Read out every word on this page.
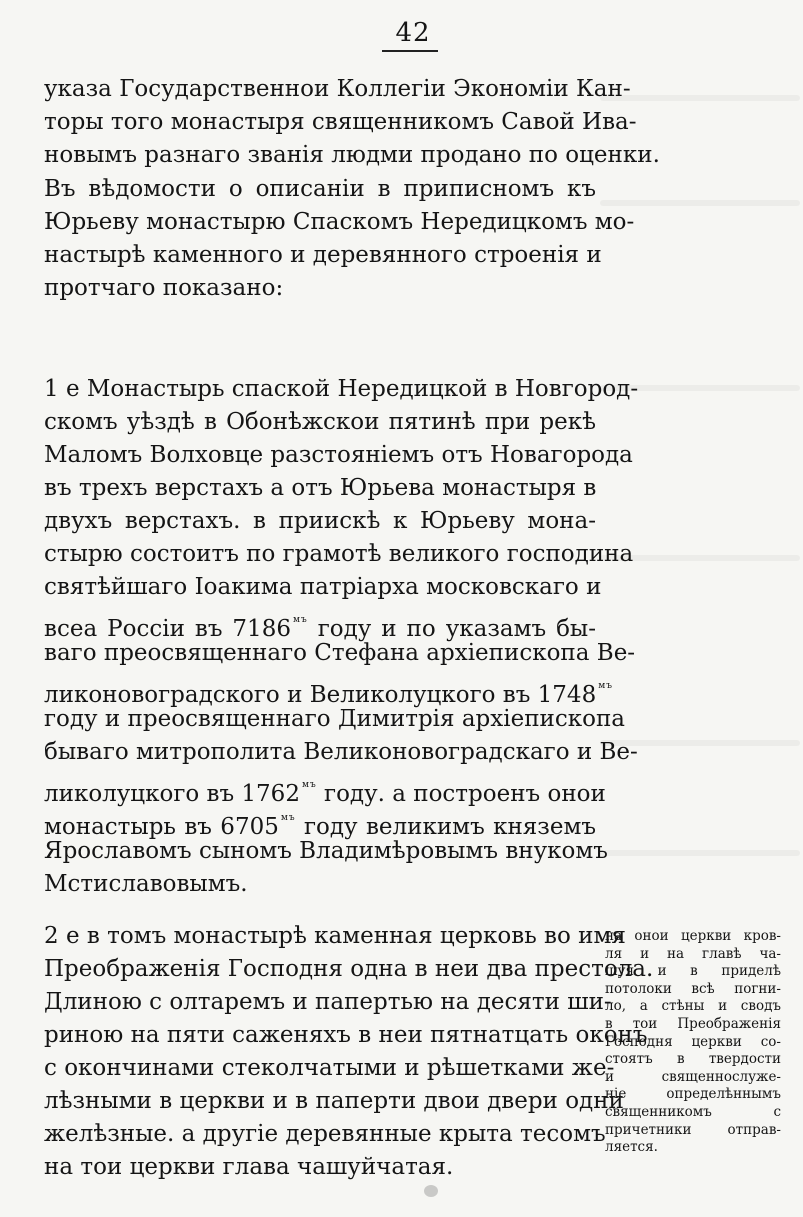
42
указа Государственнои Коллегiи Экономiи Кан-
торы того монастыря священникомъ Савой Ива-
новымъ разнаго званiя людми продано по оценки.
Въ вѣдомости о описанiи в приписномъ къ
Юрьеву монастырю Спаскомъ Нередицкомъ мо-
настырѣ каменного и деревянного строенiя и
протчаго показано:
1 е Монастырь спаской Нередицкой в Новгород-
скомъ уѣздѣ в Обонѣжскои пятинѣ при рекѣ
Маломъ Волховце разстоянiемъ отъ Новагорода
въ трехъ верстахъ а отъ Юрьева монастыря в
двухъ верстахъ. в приискѣ к Юрьеву мона-
стырю состоитъ по грамотѣ великого господина
святѣйшаго Iоакима патрiарха московскаго и
всеа Россiи въ 7186 $^{мъ}$ году и по указамъ бы-
ваго преосвященнаго Стефана архiепископа Ве-
ликоновоградского и Великолуцкого въ 1748 $^{мъ}$
году и преосвященнаго Димитрiя архiепископа
бываго митрополита Великоновоградскаго и Ве-
ликолуцкого въ 1762 $^{мъ}$ году. а построенъ онои
монастырь въ 6705 $^{мъ}$ году великимъ княземъ
Ярославомъ сыномъ Владимѣровымъ внукомъ
Мстиславовымъ.
2 е в томъ монастырѣ каменная церковь во имя
Преображенiя Господня одна в неи два престола.
Длиною с олтаремъ и папертью на десяти ши-
риною на пяти саженяхъ в неи пятнатцать оконъ
с окончинами стеколчатыми и рѣшетками же-
лѣзными в церкви и в паперти двои двери одни
желѣзные. а другiе деревянные крыта тесомъ
на тои церкви глава чашуйчатая.
на онои церкви кров-
ля и на главѣ ча-
шуя и в приделѣ
потолоки всѣ погни-
ло, а стѣны и сводъ
в тои Преображенiя
Господня церкви со-
стоятъ в твердости
и священнослуже-
нiе определѣннымъ
священникомъ с
причетники отправ-
ляется.
